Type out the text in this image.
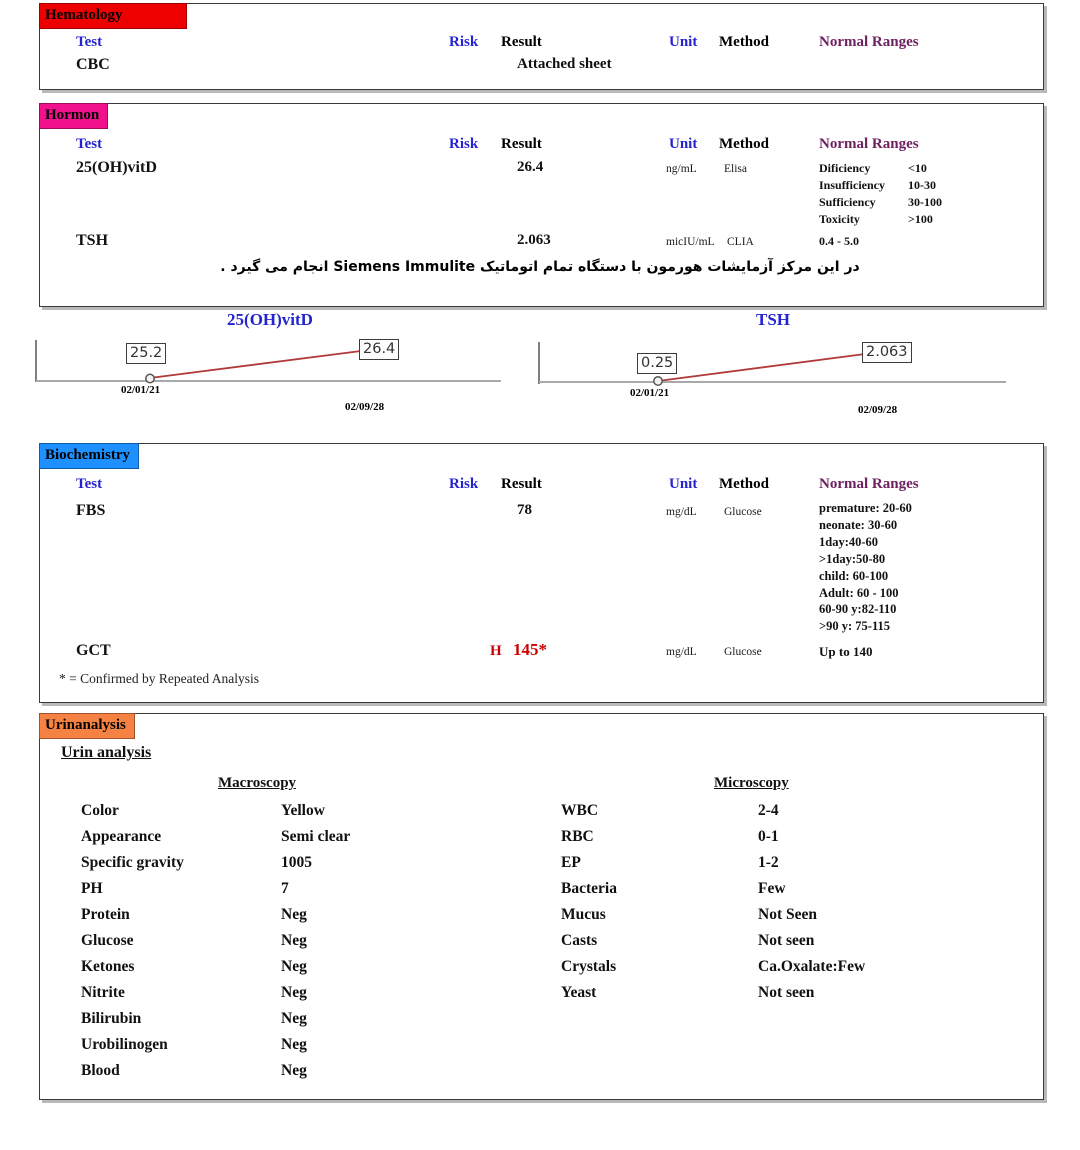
Hematology
Test	Risk Result	Unit Method	Normal Ranges
CBC	Attached sheet
Hormon
Test	Risk Result	Unit Method	Normal Ranges
25(OH)vitD	26.4	ng/mL Elisa	Dificiency	<10
Insufficiency 10-30
Sufficiency	30-100
Toxicity	>100
TSH	2.063	micIU/mL CLIA	0.4 - 5.0
در این مرکز آزمایشات هورمون با دستگاه تمام اتوماتیک Siemens Immulite انجام می گیرد .
25(OH)vitD
25.2	26.4
02/01/21
02/09/28
TSH
0.25
2.063
02/01/21
02/09/28
Biochemistry
Test	Risk Result	Unit Method	Normal Ranges
FBS	78	mg/dL Glucose	premature: 20-60
neonate: 30-60
1day:40-60
>1day:50-80
child: 60-100
Adult: 60 - 100
60-90 y:82-110
>90 y: 75-115
GCT	H 145*	mg/dL Glucose	Up to 140
* = Confirmed by Repeated Analysis
Urinanalysis
Urin analysis
Macroscopy	Microscopy
Color	Yellow
Appearance	Semi clear
Specific gravity	1005
PH	7
Protein	Neg
Glucose	Neg
Ketones	Neg
Nitrite	Neg
Bilirubin	Neg
Urobilinogen	Neg
Blood	Neg
WBC	2-4
RBC	0-1
EP	1-2
Bacteria	Few
Mucus	Not Seen
Casts	Not seen
Crystals	Ca.Oxalate:Few
Yeast	Not seen
